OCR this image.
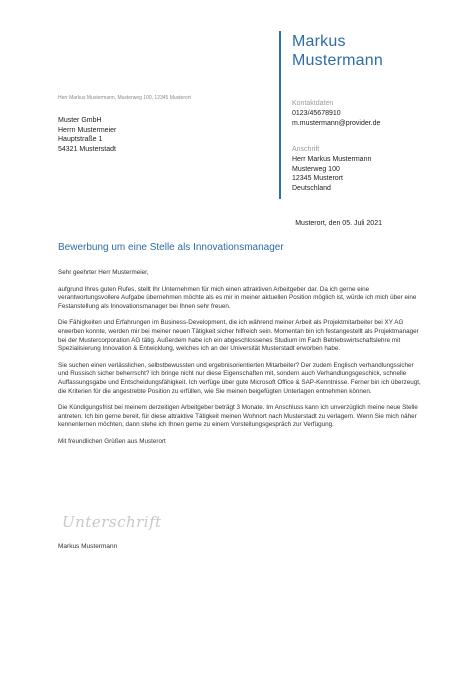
Markus
Mustermann
Kontaktdaten
0123/45678910
m.mustermann@provider.de
Anschrift
Herr Markus Mustermann
Musterweg 100
12345 Musterort
Deutschland
Herr Markus Mustermann, Musterweg 100, 12345 Musterort
Muster GmbH
Herrn Mustermeier
Hauptstraße 1
54321 Musterstadt
Musterort, den 05. Juli 2021
Bewerbung um eine Stelle als Innovationsmanager

Sehr geehrter Herr Mustermeier,

aufgrund Ihres guten Rufes, stellt Ihr Unternehmen für mich einen attraktiven Arbeitgeber dar. Da ich gerne eine verantwortungsvollere Aufgabe übernehmen möchte als es mir in meiner aktuellen Position möglich ist, würde ich mich über eine Festanstellung als Innovationsmanager bei Ihnen sehr freuen.

Die Fähigkeiten und Erfahrungen im Business-Development, die ich während meiner Arbeit als Projektmitarbeiter bei XY AG erwerben konnte, werden mir bei meiner neuen Tätigkeit sicher hilfreich sein. Momentan bin ich festangestellt als Projektmanager bei der Mustercorporation AG tätig. Außerdem habe ich ein abgeschlossenes Studium im Fach Betriebswirtschaftslehre mit Spezialisierung Innovation & Entwicklung, welches ich an der Universität Musterstadt erworben habe.

Sie suchen einen verlässlichen, selbstbewussten und ergebnisorientierten Mitarbeiter? Der zudem Englisch verhandlungssicher und Russisch sicher beherrscht? Ich bringe nicht nur diese Eigenschaften mit, sondern auch Verhandlungsgeschick, schnelle Auffassungsgabe und Entscheidungsfähigkeit. Ich verfüge über gute Microsoft Office & SAP-Kenntnisse. Ferner bin ich überzeugt, die Kriterien für die angestrebte Position zu erfüllen, wie Sie meinen beigefügten Unterlagen entnehmen können.

Die Kündigungsfrist bei meinem derzeitigen Arbeitgeber beträgt 3 Monate. Im Anschluss kann ich unverzüglich meine neue Stelle antreten. Ich bin gerne bereit, für diese attraktive Tätigkeit meinen Wohnort nach Musterstadt zu verlagern. Wenn Sie mich näher kennenlernen möchten, dann stehe ich Ihnen gerne zu einem Vorstellungsgespräch zur Verfügung.

Mit freundlichen Grüßen aus Musterort

Unterschrift
Markus Mustermann
